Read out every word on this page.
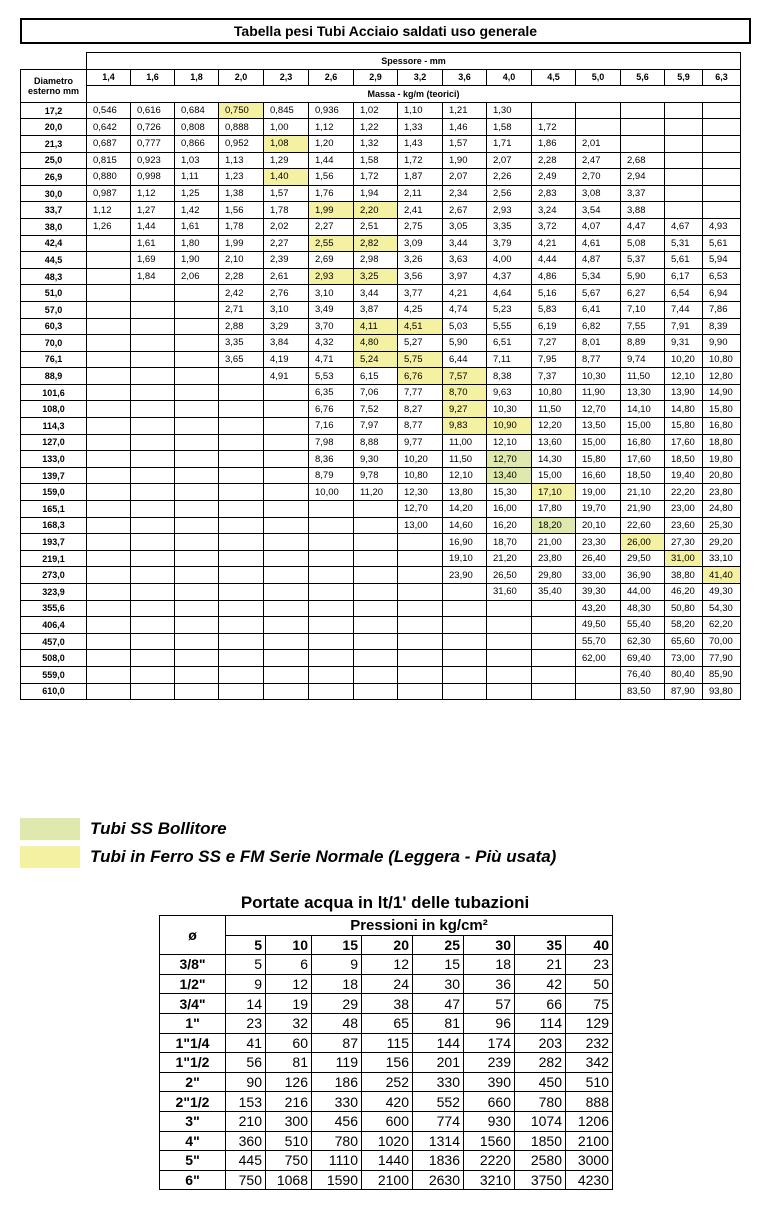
Tabella pesi Tubi Acciaio saldati uso generale
	Spessore - mm														
Diametro esterno mm	1,4	1,6	1,8	2,0	2,3	2,6	2,9	3,2	3,6	4,0	4,5	5,0	5,6	5,9	6,3
	Massa - kg/m (teorici)														
17,2	0,546	0,616	0,684	0,750	0,845	0,936	1,02	1,10	1,21	1,30					
20,0	0,642	0,726	0,808	0,888	1,00	1,12	1,22	1,33	1,46	1,58	1,72				
21,3	0,687	0,777	0,866	0,952	1,08	1,20	1,32	1,43	1,57	1,71	1,86	2,01			
25,0	0,815	0,923	1,03	1,13	1,29	1,44	1,58	1,72	1,90	2,07	2,28	2,47	2,68		
26,9	0,880	0,998	1,11	1,23	1,40	1,56	1,72	1,87	2,07	2,26	2,49	2,70	2,94		
30,0	0,987	1,12	1,25	1,38	1,57	1,76	1,94	2,11	2,34	2,56	2,83	3,08	3,37		
33,7	1,12	1,27	1,42	1,56	1,78	1,99	2,20	2,41	2,67	2,93	3,24	3,54	3,88		
38,0	1,26	1,44	1,61	1,78	2,02	2,27	2,51	2,75	3,05	3,35	3,72	4,07	4,47	4,67	4,93
42,4		1,61	1,80	1,99	2,27	2,55	2,82	3,09	3,44	3,79	4,21	4,61	5,08	5,31	5,61
44,5		1,69	1,90	2,10	2,39	2,69	2,98	3,26	3,63	4,00	4,44	4,87	5,37	5,61	5,94
48,3		1,84	2,06	2,28	2,61	2,93	3,25	3,56	3,97	4,37	4,86	5,34	5,90	6,17	6,53
51,0				2,42	2,76	3,10	3,44	3,77	4,21	4,64	5,16	5,67	6,27	6,54	6,94
57,0				2,71	3,10	3,49	3,87	4,25	4,74	5,23	5,83	6,41	7,10	7,44	7,86
60,3				2,88	3,29	3,70	4,11	4,51	5,03	5,55	6,19	6,82	7,55	7,91	8,39
70,0				3,35	3,84	4,32	4,80	5,27	5,90	6,51	7,27	8,01	8,89	9,31	9,90
76,1				3,65	4,19	4,71	5,24	5,75	6,44	7,11	7,95	8,77	9,74	10,20	10,80
88,9					4,91	5,53	6,15	6,76	7,57	8,38	7,37	10,30	11,50	12,10	12,80
101,6						6,35	7,06	7,77	8,70	9,63	10,80	11,90	13,30	13,90	14,90
108,0						6,76	7,52	8,27	9,27	10,30	11,50	12,70	14,10	14,80	15,80
114,3						7,16	7,97	8,77	9,83	10,90	12,20	13,50	15,00	15,80	16,80
127,0						7,98	8,88	9,77	11,00	12,10	13,60	15,00	16,80	17,60	18,80
133,0						8,36	9,30	10,20	11,50	12,70	14,30	15,80	17,60	18,50	19,80
139,7						8,79	9,78	10,80	12,10	13,40	15,00	16,60	18,50	19,40	20,80
159,0						10,00	11,20	12,30	13,80	15,30	17,10	19,00	21,10	22,20	23,80
165,1								12,70	14,20	16,00	17,80	19,70	21,90	23,00	24,80
168,3								13,00	14,60	16,20	18,20	20,10	22,60	23,60	25,30
193,7									16,90	18,70	21,00	23,30	26,00	27,30	29,20
219,1									19,10	21,20	23,80	26,40	29,50	31,00	33,10
273,0									23,90	26,50	29,80	33,00	36,90	38,80	41,40
323,9										31,60	35,40	39,30	44,00	46,20	49,30
355,6												43,20	48,30	50,80	54,30
406,4												49,50	55,40	58,20	62,20
457,0												55,70	62,30	65,60	70,00
508,0												62,00	69,40	73,00	77,90
559,0													76,40	80,40	85,90
610,0													83,50	87,90	93,80
Tubi SS Bollitore
Tubi in Ferro SS e FM Serie Normale (Leggera - Più usata)
Portate acqua in lt/1' delle tubazioni
ø	Pressioni in kg/cm²							
	5	10	15	20	25	30	35	40
3/8"	5	6	9	12	15	18	21	23
1/2"	9	12	18	24	30	36	42	50
3/4"	14	19	29	38	47	57	66	75
1"	23	32	48	65	81	96	114	129
1"1/4	41	60	87	115	144	174	203	232
1"1/2	56	81	119	156	201	239	282	342
2"	90	126	186	252	330	390	450	510
2"1/2	153	216	330	420	552	660	780	888
3"	210	300	456	600	774	930	1074	1206
4"	360	510	780	1020	1314	1560	1850	2100
5"	445	750	1110	1440	1836	2220	2580	3000
6"	750	1068	1590	2100	2630	3210	3750	4230
